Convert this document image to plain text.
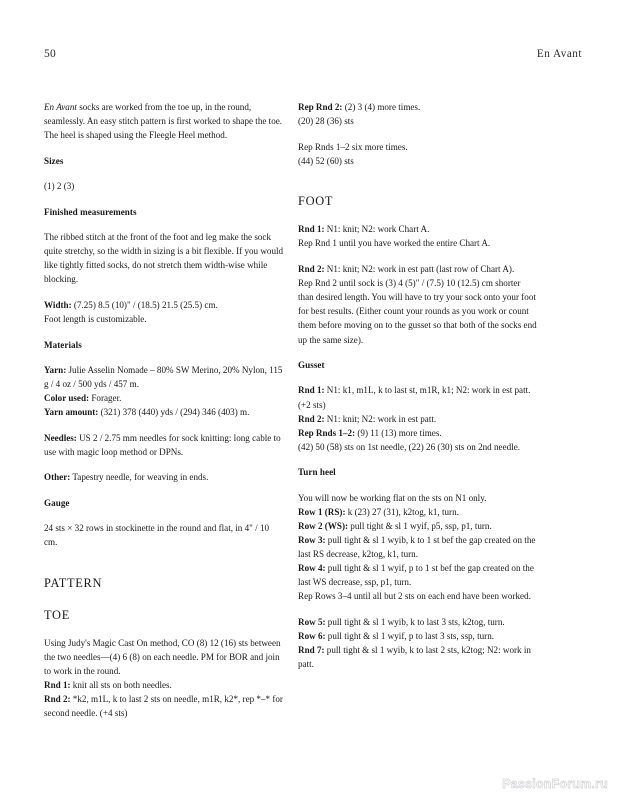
50	En Avant

En Avant socks are worked from the toe up, in the round, seamlessly. An easy stitch pattern is first worked to shape the toe. The heel is shaped using the Fleegle Heel method.

Sizes

(1) 2 (3)

Finished measurements

The ribbed stitch at the front of the foot and leg make the sock quite stretchy, so the width in sizing is a bit flexible. If you would like tightly fitted socks, do not stretch them width-wise while blocking.

Width: (7.25) 8.5 (10)" / (18.5) 21.5 (25.5) cm.

Foot length is customizable.

Materials

Yarn: Julie Asselin Nomade – 80% SW Merino, 20% Nylon, 115 g / 4 oz / 500 yds / 457 m.

Color used: Forager.

Yarn amount: (321) 378 (440) yds / (294) 346 (403) m.

Needles: US 2 / 2.75 mm needles for sock knitting: long cable to use with magic loop method or DPNs.

Other: Tapestry needle, for weaving in ends.

Gauge

24 sts × 32 rows in stockinette in the round and flat, in 4" / 10 cm.

PATTERN

TOE

Using Judy's Magic Cast On method, CO (8) 12 (16) sts between the two needles—(4) 6 (8) on each needle. PM for BOR and join to work in the round.

Rnd 1: knit all sts on both needles.

Rnd 2: *k2, m1L, k to last 2 sts on needle, m1R, k2*, rep *–* for second needle. (+4 sts)

Rep Rnd 2: (2) 3 (4) more times.

(20) 28 (36) sts

Rep Rnds 1–2 six more times.

(44) 52 (60) sts

FOOT

Rnd 1: N1: knit; N2: work Chart A.

Rep Rnd 1 until you have worked the entire Chart A.

Rnd 2: N1: knit; N2: work in est patt (last row of Chart A).

Rep Rnd 2 until sock is (3) 4 (5)" / (7.5) 10 (12.5) cm shorter than desired length. You will have to try your sock onto your foot for best results. (Either count your rounds as you work or count them before moving on to the gusset so that both of the socks end up the same size).

Gusset

Rnd 1: N1: k1, m1L, k to last st, m1R, k1; N2: work in est patt. (+2 sts)

Rnd 2: N1: knit; N2: work in est patt.

Rep Rnds 1–2: (9) 11 (13) more times.

(42) 50 (58) sts on 1st needle, (22) 26 (30) sts on 2nd needle.

Turn heel

You will now be working flat on the sts on N1 only.

Row 1 (RS): k (23) 27 (31), k2tog, k1, turn.

Row 2 (WS): pull tight & sl 1 wyif, p5, ssp, p1, turn.

Row 3: pull tight & sl 1 wyib, k to 1 st bef the gap created on the last RS decrease, k2tog, k1, turn.

Row 4: pull tight & sl 1 wyif, p to 1 st bef the gap created on the last WS decrease, ssp, p1, turn.

Rep Rows 3–4 until all but 2 sts on each end have been worked.

Row 5: pull tight & sl 1 wyib, k to last 3 sts, k2tog, turn.

Row 6: pull tight & sl 1 wyif, p to last 3 sts, ssp, turn.

Rnd 7: pull tight & sl 1 wyib, k to last 2 sts, k2tog; N2: work in patt.

PassionForum.ru
